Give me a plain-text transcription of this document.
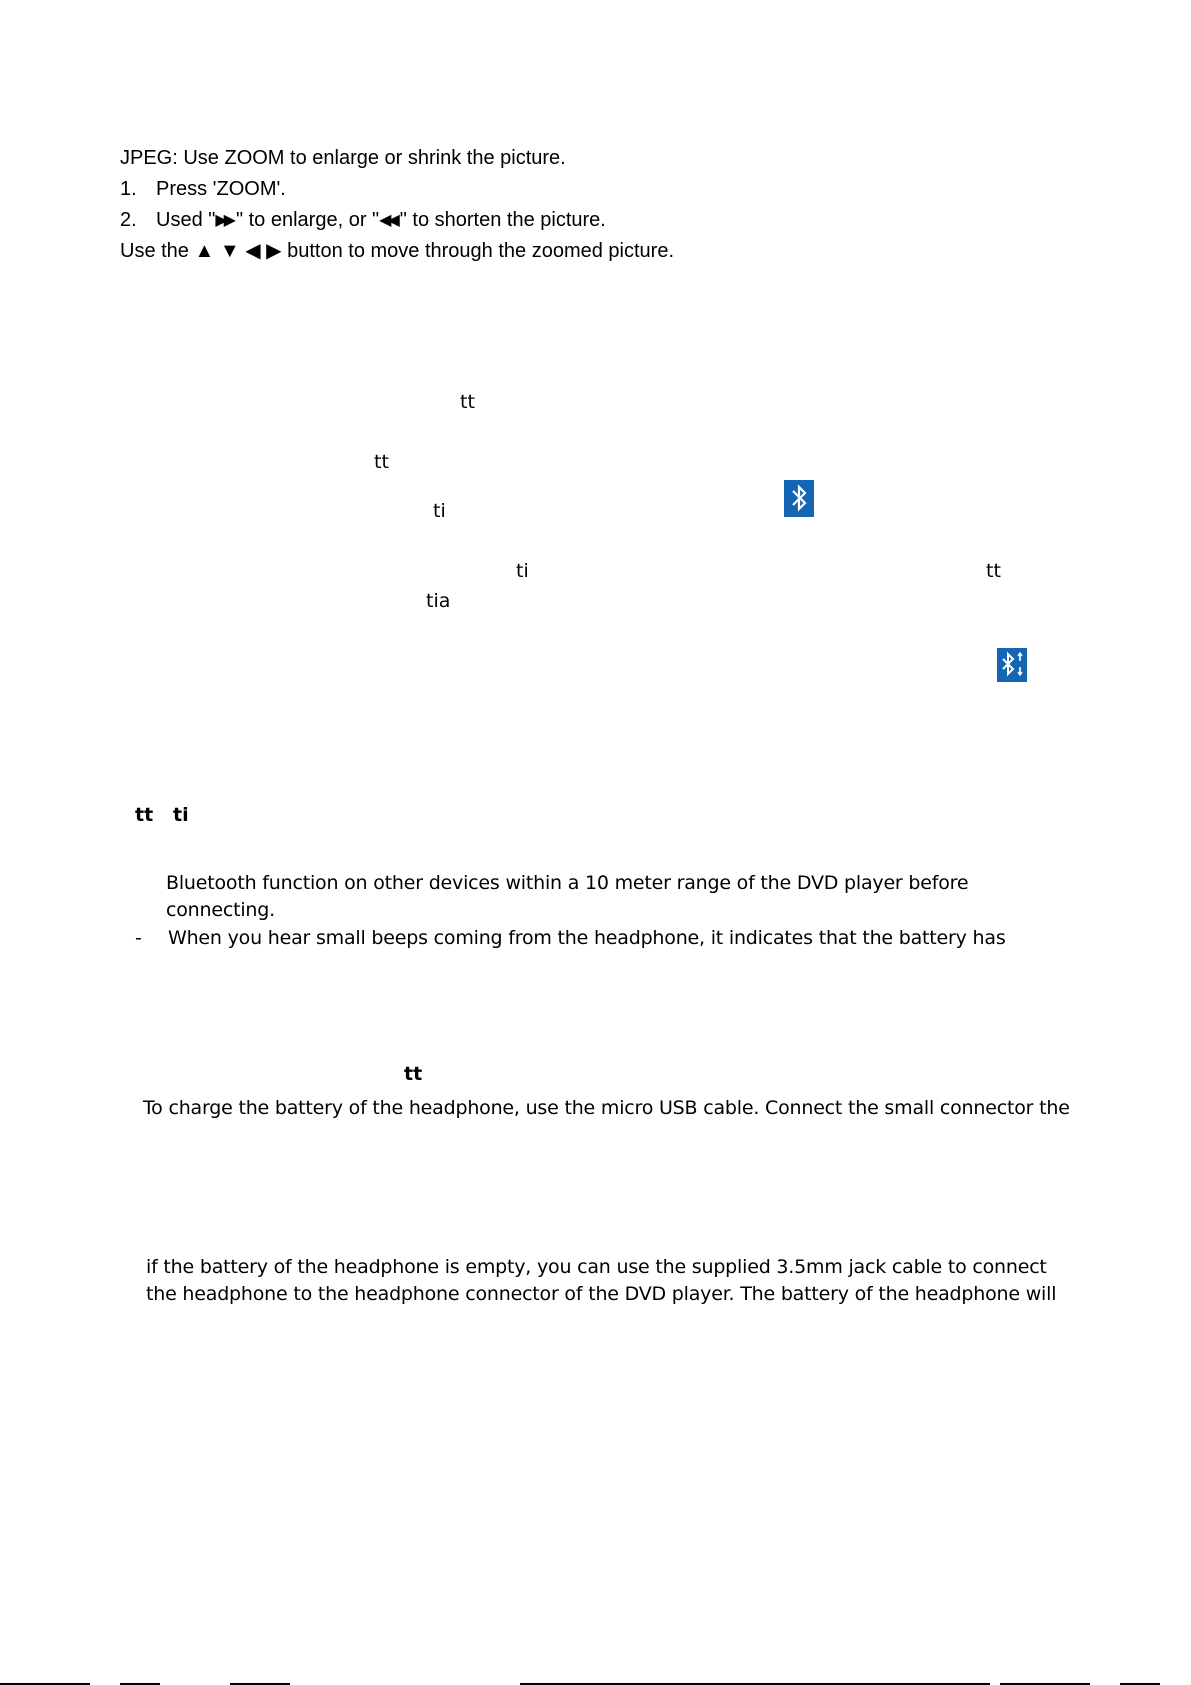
JPEG: Use ZOOM to enlarge or shrink the picture.
1. Press 'ZOOM'.
2. Used "▶▶ " to enlarge, or "◀◀ " to shorten the picture.
Use the ▲ ▼ ◀ ▶ button to move through the zoomed picture.
tt
tt
ti
ti	tt
tia
tt ti
tt
Bluetooth function on other devices within a 10 meter range of the DVD player before
connecting.
- When you hear small beeps coming from the headphone, it indicates that the battery has
To charge the battery of the headphone, use the micro USB cable. Connect the small connector the
if the battery of the headphone is empty, you can use the supplied 3.5mm jack cable to connect
the headphone to the headphone connector of the DVD player. The battery of the headphone will
